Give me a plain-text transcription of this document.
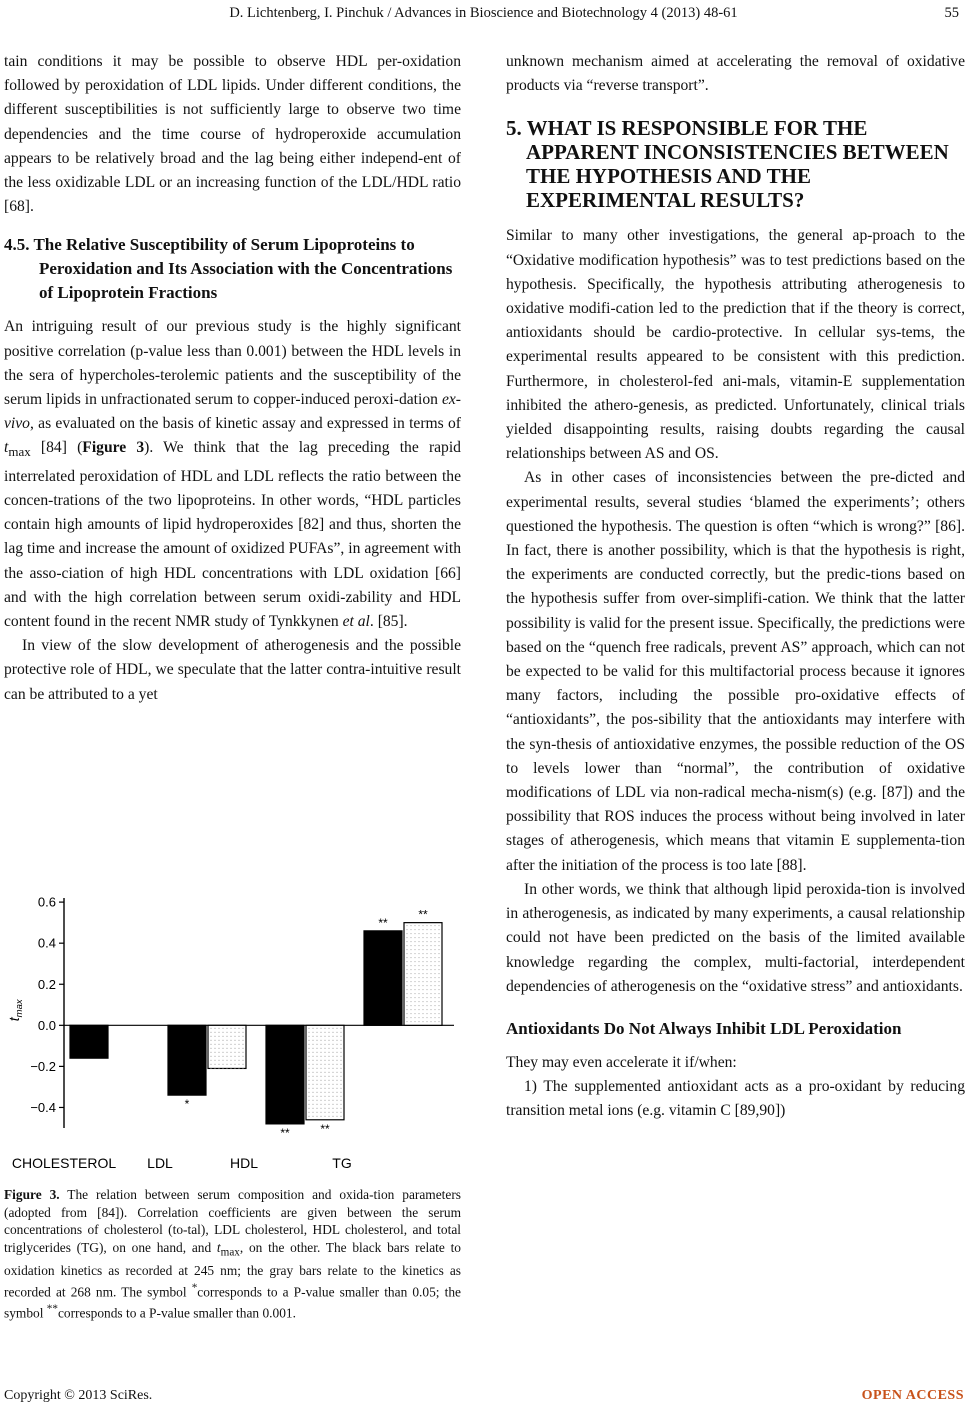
D. Lichtenberg, I. Pinchuk / Advances in Bioscience and Biotechnology 4 (2013) 48-61	55

tain conditions it may be possible to observe HDL per-oxidation followed by peroxidation of LDL lipids. Under different conditions, the different susceptibilities is not sufficiently large to observe two time dependencies and the time course of hydroperoxide accumulation appears to be relatively broad and the lag being either independ-ent of the less oxidizable LDL or an increasing function of the LDL/HDL ratio [68].

4.5. The Relative Susceptibility of Serum Lipoproteins to Peroxidation and Its Association with the Concentrations of Lipoprotein Fractions

An intriguing result of our previous study is the highly significant positive correlation (p-value less than 0.001) between the HDL levels in the sera of hypercholes-terolemic patients and the susceptibility of the serum lipids in unfractionated serum to copper-induced peroxi-dation ex-vivo, as evaluated on the basis of kinetic assay and expressed in terms of $t_{max}$ [84] (Figure 3). We think that the lag preceding the rapid interrelated peroxidation of HDL and LDL reflects the ratio between the concen-trations of the two lipoproteins. In other words, “HDL particles contain high amounts of lipid hydroperoxides [82] and thus, shorten the lag time and increase the amount of oxidized PUFAs”, in agreement with the asso-ciation of high HDL concentrations with LDL oxidation [66] and with the high correlation between serum oxidi-zability and HDL content found in the recent NMR study of Tynkkynen et al. [85].

In view of the slow development of atherogenesis and the possible protective role of HDL, we speculate that the latter contra-intuitive result can be attributed to a yet

0.6
0.4
0.2
0.0
−0.2
−0.4
$t_{max}$
CHOLESTEROL
*
LDL
**	**
HDL
**
**
TG
Figure 3. The relation between serum composition and oxida-tion parameters (adopted from [84]). Correlation coefficients are given between the serum concentrations of cholesterol (to-tal), LDL cholesterol, HDL cholesterol, and total triglycerides (TG), on one hand, and $t_{max}$, on the other. The black bars relate to oxidation kinetics as recorded at 245 nm; the gray bars relate to the kinetics as recorded at 268 nm. The symbol *corresponds to a P-value smaller than 0.05; the symbol **corresponds to a P-value smaller than 0.001.

unknown mechanism aimed at accelerating the removal of oxidative products via “reverse transport”.

5. WHAT IS RESPONSIBLE FOR THE APPARENT INCONSISTENCIES BETWEEN THE HYPOTHESIS AND THE EXPERIMENTAL RESULTS?

Similar to many other investigations, the general ap-proach to the “Oxidative modification hypothesis” was to test predictions based on the hypothesis. Specifically, the hypothesis attributing atherogenesis to oxidative modifi-cation led to the prediction that if the theory is correct, antioxidants should be cardio-protective. In cellular sys-tems, the experimental results appeared to be consistent with this prediction. Furthermore, in cholesterol-fed ani-mals, vitamin-E supplementation inhibited the athero-genesis, as predicted. Unfortunately, clinical trials yielded disappointing results, raising doubts regarding the causal relationships between AS and OS.

As in other cases of inconsistencies between the pre-dicted and experimental results, several studies ‘blamed the experiments’; others questioned the hypothesis. The question is often “which is wrong?” [86]. In fact, there is another possibility, which is that the hypothesis is right, the experiments are conducted correctly, but the predic-tions based on the hypothesis suffer from over-simplifi-cation. We think that the latter possibility is valid for the present issue. Specifically, the predictions were based on the “quench free radicals, prevent AS” approach, which can not be expected to be valid for this multifactorial process because it ignores many factors, including the possible pro-oxidative effects of “antioxidants”, the pos-sibility that the antioxidants may interfere with the syn-thesis of antioxidative enzymes, the possible reduction of the OS to levels lower than “normal”, the contribution of oxidative modifications of LDL via non-radical mecha-nism(s) (e.g. [87]) and the possibility that ROS induces the process without being involved in later stages of atherogenesis, which means that vitamin E supplementa-tion after the initiation of the process is too late [88].

In other words, we think that although lipid peroxida-tion is involved in atherogenesis, as indicated by many experiments, a causal relationship could not have been predicted on the basis of the limited available knowledge regarding the complex, multi-factorial, interdependent dependencies of atherogenesis on the “oxidative stress” and antioxidants.

Antioxidants Do Not Always Inhibit LDL Peroxidation

They may even accelerate it if/when:

1) The supplemented antioxidant acts as a pro-oxidant by reducing transition metal ions (e.g. vitamin C [89,90])

Copyright © 2013 SciRes.	OPEN ACCESS
